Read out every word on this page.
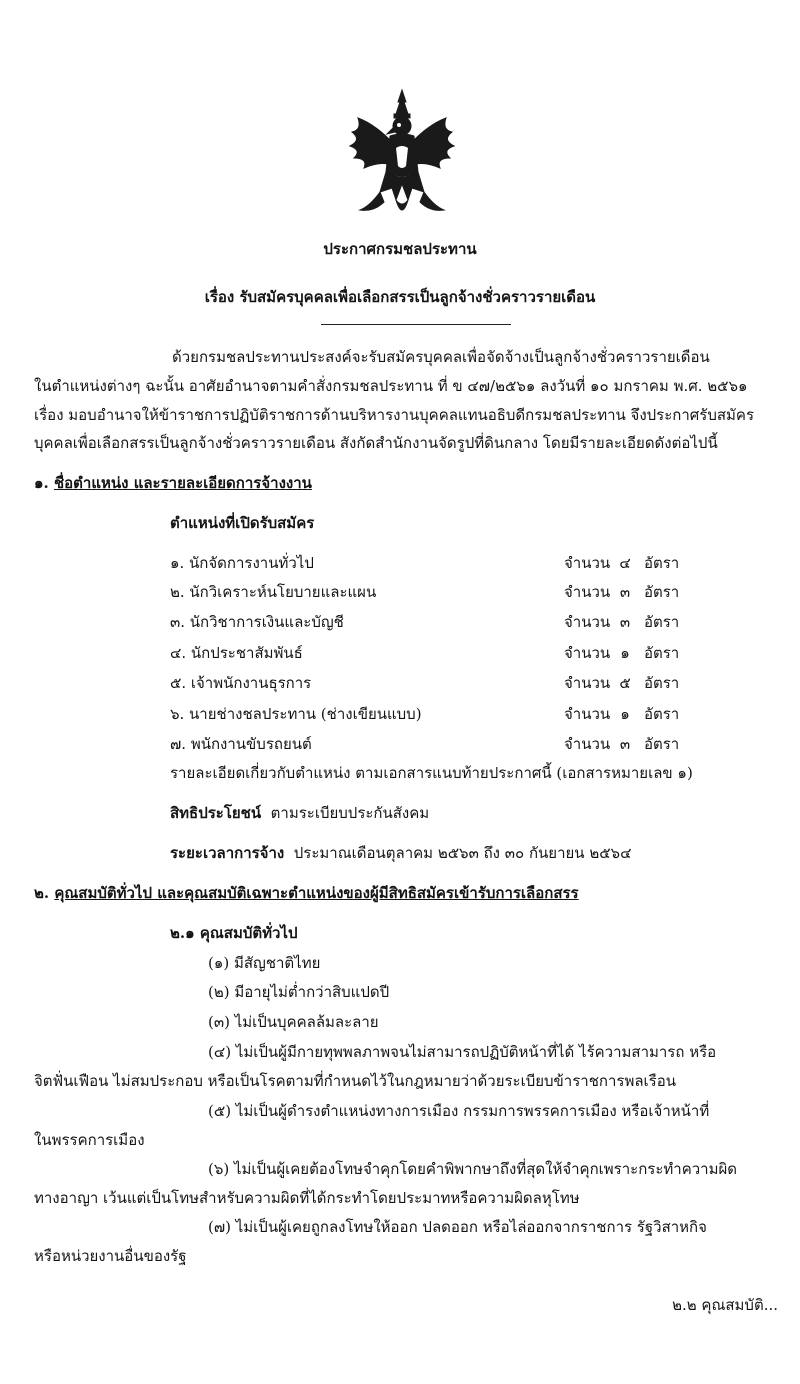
ประกาศกรมชลประทาน
เรื่อง รับสมัครบุคคลเพื่อเลือกสรรเป็นลูกจ้างชั่วคราวรายเดือน
ด้วยกรมชลประทานประสงค์จะรับสมัครบุคคลเพื่อจัดจ้างเป็นลูกจ้างชั่วคราวรายเดือน
ในตำแหน่งต่างๆ ฉะนั้น อาศัยอำนาจตามคำสั่งกรมชลประทาน ที่ ข ๔๗/๒๕๖๑ ลงวันที่ ๑๐ มกราคม พ.ศ. ๒๕๖๑
เรื่อง มอบอำนาจให้ข้าราชการปฏิบัติราชการด้านบริหารงานบุคคลแทนอธิบดีกรมชลประทาน จึงประกาศรับสมัคร
บุคคลเพื่อเลือกสรรเป็นลูกจ้างชั่วคราวรายเดือน สังกัดสำนักงานจัดรูปที่ดินกลาง โดยมีรายละเอียดดังต่อไปนี้
๑. ชื่อตำแหน่ง และรายละเอียดการจ้างงาน
ตำแหน่งที่เปิดรับสมัคร
๑. นักจัดการงานทั่วไป	จำนวน ๔ อัตรา
๒. นักวิเคราะห์นโยบายและแผน	จำนวน ๓ อัตรา
๓. นักวิชาการเงินและบัญชี	จำนวน ๓ อัตรา
๔. นักประชาสัมพันธ์	จำนวน ๑ อัตรา
๕. เจ้าพนักงานธุรการ	จำนวน ๕ อัตรา
๖. นายช่างชลประทาน (ช่างเขียนแบบ)	จำนวน ๑ อัตรา
๗. พนักงานขับรถยนต์	จำนวน ๓ อัตรา
รายละเอียดเกี่ยวกับตำแหน่ง ตามเอกสารแนบท้ายประกาศนี้ (เอกสารหมายเลข ๑)
สิทธิประโยชน์ ตามระเบียบประกันสังคม
ระยะเวลาการจ้าง ประมาณเดือนตุลาคม ๒๕๖๓ ถึง ๓๐ กันยายน ๒๕๖๔
๒. คุณสมบัติทั่วไป และคุณสมบัติเฉพาะตำแหน่งของผู้มีสิทธิสมัครเข้ารับการเลือกสรร
๒.๑ คุณสมบัติทั่วไป
(๑) มีสัญชาติไทย
(๒) มีอายุไม่ต่ำกว่าสิบแปดปี
(๓) ไม่เป็นบุคคลล้มละลาย
(๔) ไม่เป็นผู้มีกายทุพพลภาพจนไม่สามารถปฏิบัติหน้าที่ได้ ไร้ความสามารถ หรือ
จิตฟั่นเฟือน ไม่สมประกอบ หรือเป็นโรคตามที่กำหนดไว้ในกฎหมายว่าด้วยระเบียบข้าราชการพลเรือน
(๕) ไม่เป็นผู้ดำรงตำแหน่งทางการเมือง กรรมการพรรคการเมือง หรือเจ้าหน้าที่
ในพรรคการเมือง
(๖) ไม่เป็นผู้เคยต้องโทษจำคุกโดยคำพิพากษาถึงที่สุดให้จำคุกเพราะกระทำความผิด
ทางอาญา เว้นแต่เป็นโทษสำหรับความผิดที่ได้กระทำโดยประมาทหรือความผิดลหุโทษ
(๗) ไม่เป็นผู้เคยถูกลงโทษให้ออก ปลดออก หรือไล่ออกจากราชการ รัฐวิสาหกิจ
หรือหน่วยงานอื่นของรัฐ
๒.๒ คุณสมบัติ...
